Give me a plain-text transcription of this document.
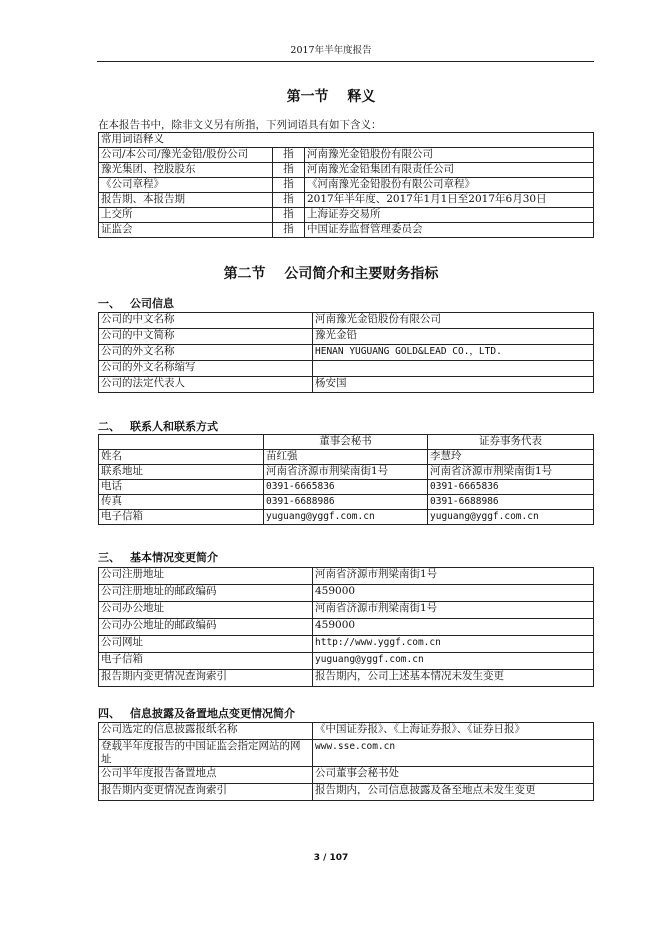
2017年半年度报告
第一节　 释义
在本报告书中，除非文义另有所指，下列词语具有如下含义：
常用词语释义		
公司/本公司/豫光金铅/股份公司	指	河南豫光金铅股份有限公司
豫光集团、控股股东	指	河南豫光金铅集团有限责任公司
《公司章程》	指	《河南豫光金铅股份有限公司章程》
报告期、本报告期	指	2017年半年度、2017年1月1日至2017年6月30日
上交所	指	上海证券交易所
证监会	指	中国证券监督管理委员会
第二节　 公司简介和主要财务指标
一、 公司信息
公司的中文名称	河南豫光金铅股份有限公司
公司的中文简称	豫光金铅
公司的外文名称	HENAN YUGUANG GOLD&LEAD CO.，LTD.
公司的外文名称缩写	
公司的法定代表人	杨安国
二、 联系人和联系方式
	董事会秘书	证券事务代表
姓名	苗红强	李慧玲
联系地址	河南省济源市荆梁南街1号	河南省济源市荆梁南街1号
电话	0391-6665836	0391-6665836
传真	0391-6688986	0391-6688986
电子信箱	yuguang@yggf.com.cn	yuguang@yggf.com.cn
三、 基本情况变更简介
公司注册地址	河南省济源市荆梁南街1号
公司注册地址的邮政编码	459000
公司办公地址	河南省济源市荆梁南街1号
公司办公地址的邮政编码	459000
公司网址	http://www.yggf.com.cn
电子信箱	yuguang@yggf.com.cn
报告期内变更情况查询索引	报告期内，公司上述基本情况未发生变更
四、 信息披露及备置地点变更情况简介
公司选定的信息披露报纸名称	《中国证券报》、《上海证券报》、《证券日报》
登载半年度报告的中国证监会指定网站的网址	www.sse.com.cn
公司半年度报告备置地点	公司董事会秘书处
报告期内变更情况查询索引	报告期内，公司信息披露及备至地点未发生变更
3 / 107
